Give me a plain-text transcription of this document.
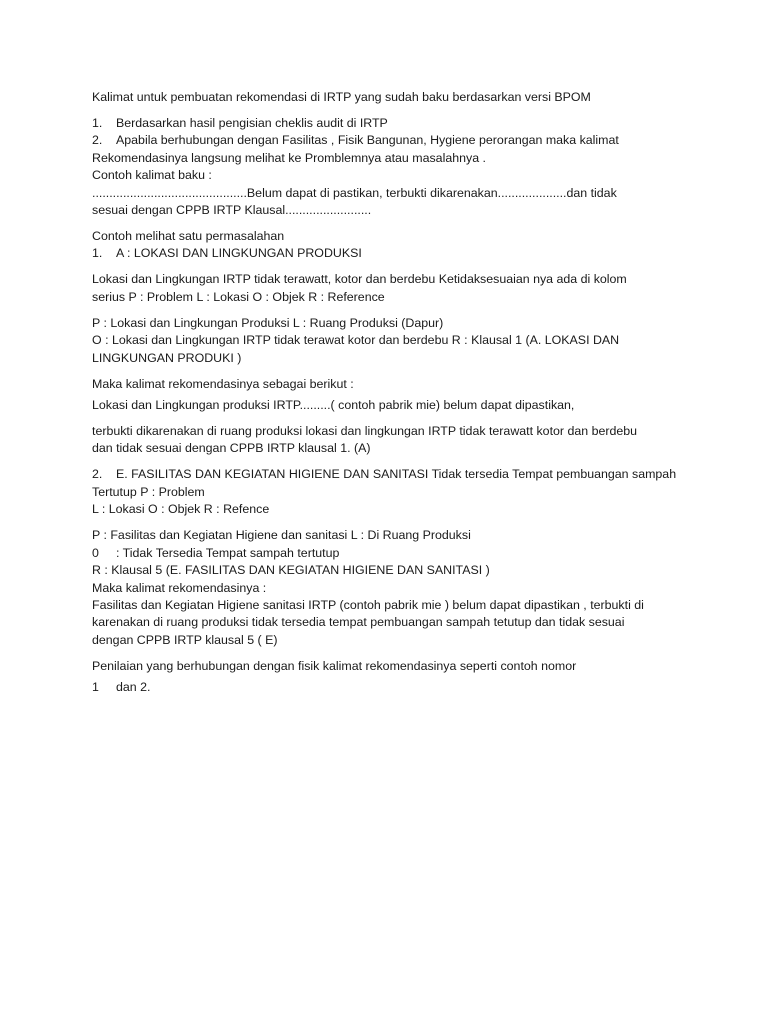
Kalimat untuk pembuatan rekomendasi di IRTP yang sudah baku berdasarkan versi BPOM
1. Berdasarkan hasil pengisian cheklis audit di IRTP
2. Apabila berhubungan dengan Fasilitas , Fisik Bangunan, Hygiene perorangan maka kalimat
Rekomendasinya langsung melihat ke Promblemnya atau masalahnya .
Contoh kalimat baku :
.............................................Belum dapat di pastikan, terbukti dikarenakan....................dan tidak
sesuai dengan CPPB IRTP Klausal.........................
Contoh melihat satu permasalahan
1. A : LOKASI DAN LINGKUNGAN PRODUKSI
Lokasi dan Lingkungan IRTP tidak terawatt, kotor dan berdebu Ketidaksesuaian nya ada di kolom
serius P : Problem L : Lokasi O : Objek R : Reference
P : Lokasi dan Lingkungan Produksi L : Ruang Produksi (Dapur)
O : Lokasi dan Lingkungan IRTP tidak terawat kotor dan berdebu R : Klausal 1 (A. LOKASI DAN
LINGKUNGAN PRODUKI )
Maka kalimat rekomendasinya sebagai berikut :
Lokasi dan Lingkungan produksi IRTP.........( contoh pabrik mie) belum dapat dipastikan,
terbukti dikarenakan di ruang produksi lokasi dan lingkungan IRTP tidak terawatt kotor dan berdebu
dan tidak sesuai dengan CPPB IRTP klausal 1. (A)
2. E. FASILITAS DAN KEGIATAN HIGIENE DAN SANITASI Tidak tersedia Tempat pembuangan sampah
Tertutup P : Problem
L : Lokasi O : Objek R : Refence
P : Fasilitas dan Kegiatan Higiene dan sanitasi L : Di Ruang Produksi
0 : Tidak Tersedia Tempat sampah tertutup
R : Klausal 5 (E. FASILITAS DAN KEGIATAN HIGIENE DAN SANITASI )
Maka kalimat rekomendasinya :
Fasilitas dan Kegiatan Higiene sanitasi IRTP (contoh pabrik mie ) belum dapat dipastikan , terbukti di
karenakan di ruang produksi tidak tersedia tempat pembuangan sampah tetutup dan tidak sesuai
dengan CPPB IRTP klausal 5 ( E)
Penilaian yang berhubungan dengan fisik kalimat rekomendasinya seperti contoh nomor
1 dan 2.
